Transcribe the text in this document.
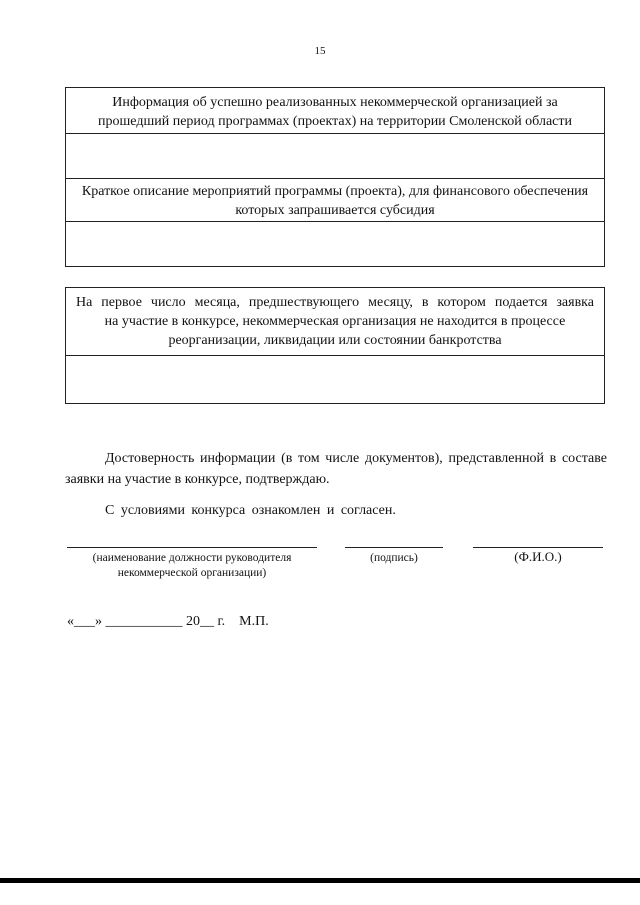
15
Информация об успешно реализованных некоммерческой организацией за прошедший период программах (проектах) на территории Смоленской области
Краткое описание мероприятий программы (проекта), для финансового обеспечения которых запрашивается субсидия
На первое число месяца, предшествующего месяцу, в котором подается заявка
на участие в конкурсе, некоммерческая организация не находится в процессе реорганизации, ликвидации или состоянии банкротства
Достоверность информации (в том числе документов), представленной в составе заявки на участие в конкурсе, подтверждаю.
С условиями конкурса ознакомлен и согласен.
(наименование должности руководителя некоммерческой организации)
(подпись)	(Ф.И.О.)
«___» ___________ 20__ г.    М.П.
